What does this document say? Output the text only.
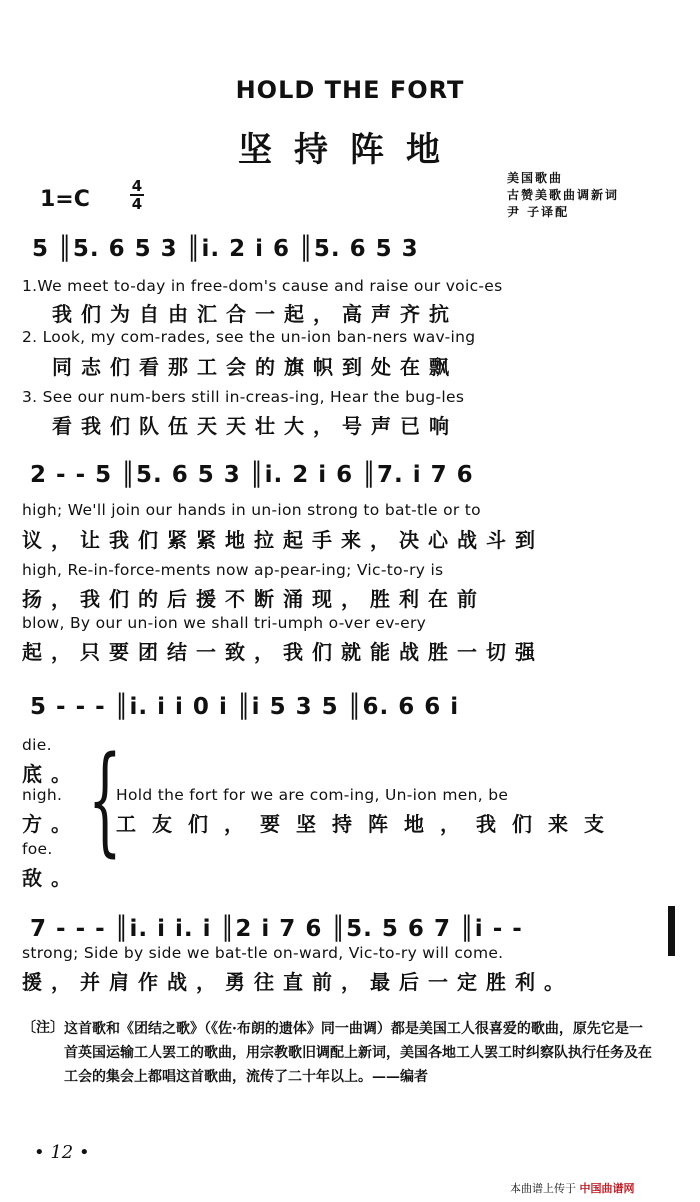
HOLD THE FORT
坚持阵地
美国歌曲
古赞美歌曲调新词
尹 子译配
1=C
4
4
5 ║5. 6 5 3 ║i. 2 i 6 ║5. 6 5 3
1.We meet to-day in free-dom's cause and raise our voic-es
我们为自由汇合一起，高声齐抗
2. Look, my com-rades, see the un-ion ban-ners wav-ing
同志们看那工会的旗帜到处在飘
3. See our num-bers still in-creas-ing, Hear the bug-les
看我们队伍天天壮大，号声已响
2 - - 5 ║5. 6 5 3 ║i. 2 i 6 ║7. i 7 6
high; We'll join our hands in un-ion strong to bat-tle or to
议，让我们紧紧地拉起手来，决心战斗到
high, Re-in-force-ments now ap-pear-ing; Vic-to-ry is
扬，我们的后援不断涌现，胜利在前
blow, By our un-ion we shall tri-umph o-ver ev-ery
起，只要团结一致，我们就能战胜一切强
5 - - - ║i. i i 0 i ║i 5 3 5 ║6. 6 6 i
die.
底。
nigh.
方。
foe.
敌。
{
Hold the fort for we are com-ing, Un-ion men, be
工友们，要坚持阵地，我们来支
7 - - - ║i. i i. i ║2 i 7 6 ║5. 5 6 7 ║i - -
strong; Side by side we bat-tle on-ward, Vic-to-ry will come.
援，并肩作战，勇往直前，最后一定胜利。
〔注〕 这首歌和《团结之歌》（《佐·布朗的遗体》同一曲调）都是美国工人很喜爱的歌曲，原先它是一首英国运输工人罢工的歌曲，用宗教歌旧调配上新词，美国各地工人罢工时纠察队执行任务及在工会的集会上都唱这首歌曲，流传了二十年以上。——编者
• 12 •
本曲谱上传于 中国曲谱网
